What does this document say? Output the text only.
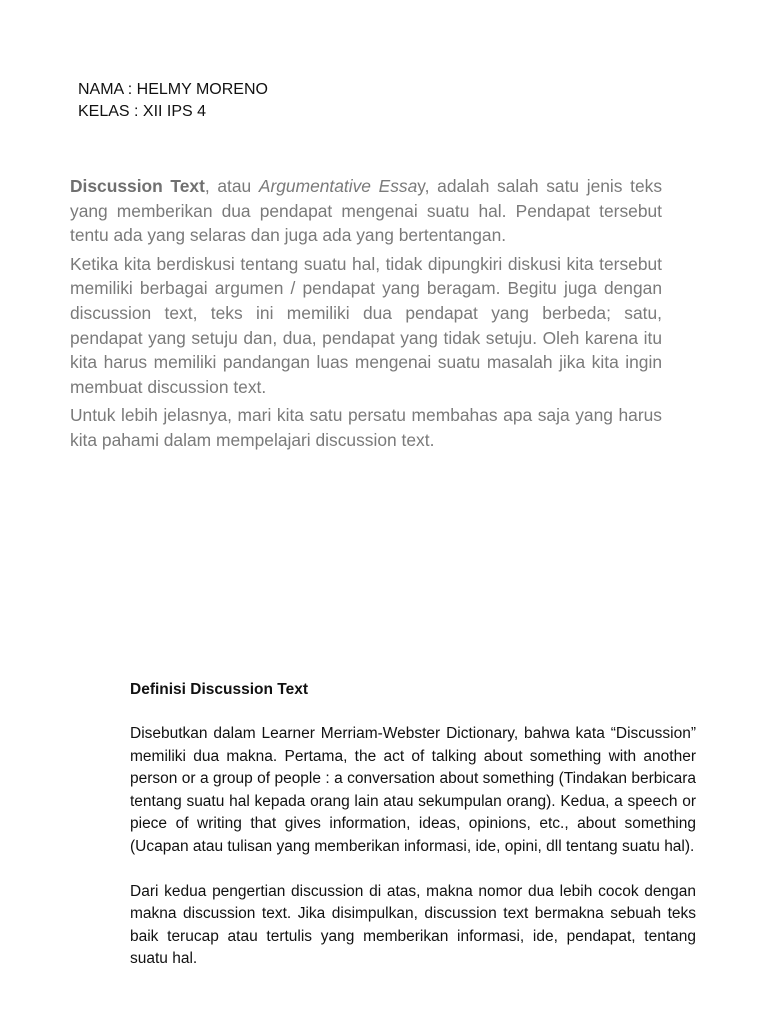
NAMA : HELMY MORENO
KELAS : XII IPS 4

Discussion Text, atau Argumentative Essay, adalah salah satu jenis teks yang memberikan dua pendapat mengenai suatu hal. Pendapat tersebut tentu ada yang selaras dan juga ada yang bertentangan.

Ketika kita berdiskusi tentang suatu hal, tidak dipungkiri diskusi kita tersebut memiliki berbagai argumen / pendapat yang beragam. Begitu juga dengan discussion text, teks ini memiliki dua pendapat yang berbeda; satu, pendapat yang setuju dan, dua, pendapat yang tidak setuju. Oleh karena itu kita harus memiliki pandangan luas mengenai suatu masalah jika kita ingin membuat discussion text.

Untuk lebih jelasnya, mari kita satu persatu membahas apa saja yang harus kita pahami dalam mempelajari discussion text.

Definisi Discussion Text

Disebutkan dalam Learner Merriam-Webster Dictionary, bahwa kata “Discussion” memiliki dua makna. Pertama, the act of talking about something with another person or a group of people : a conversation about something (Tindakan berbicara tentang suatu hal kepada orang lain atau sekumpulan orang). Kedua, a speech or piece of writing that gives information, ideas, opinions, etc., about something (Ucapan atau tulisan yang memberikan informasi, ide, opini, dll tentang suatu hal).

Dari kedua pengertian discussion di atas, makna nomor dua lebih cocok dengan makna discussion text. Jika disimpulkan, discussion text bermakna sebuah teks baik terucap atau tertulis yang memberikan informasi, ide, pendapat, tentang suatu hal.
